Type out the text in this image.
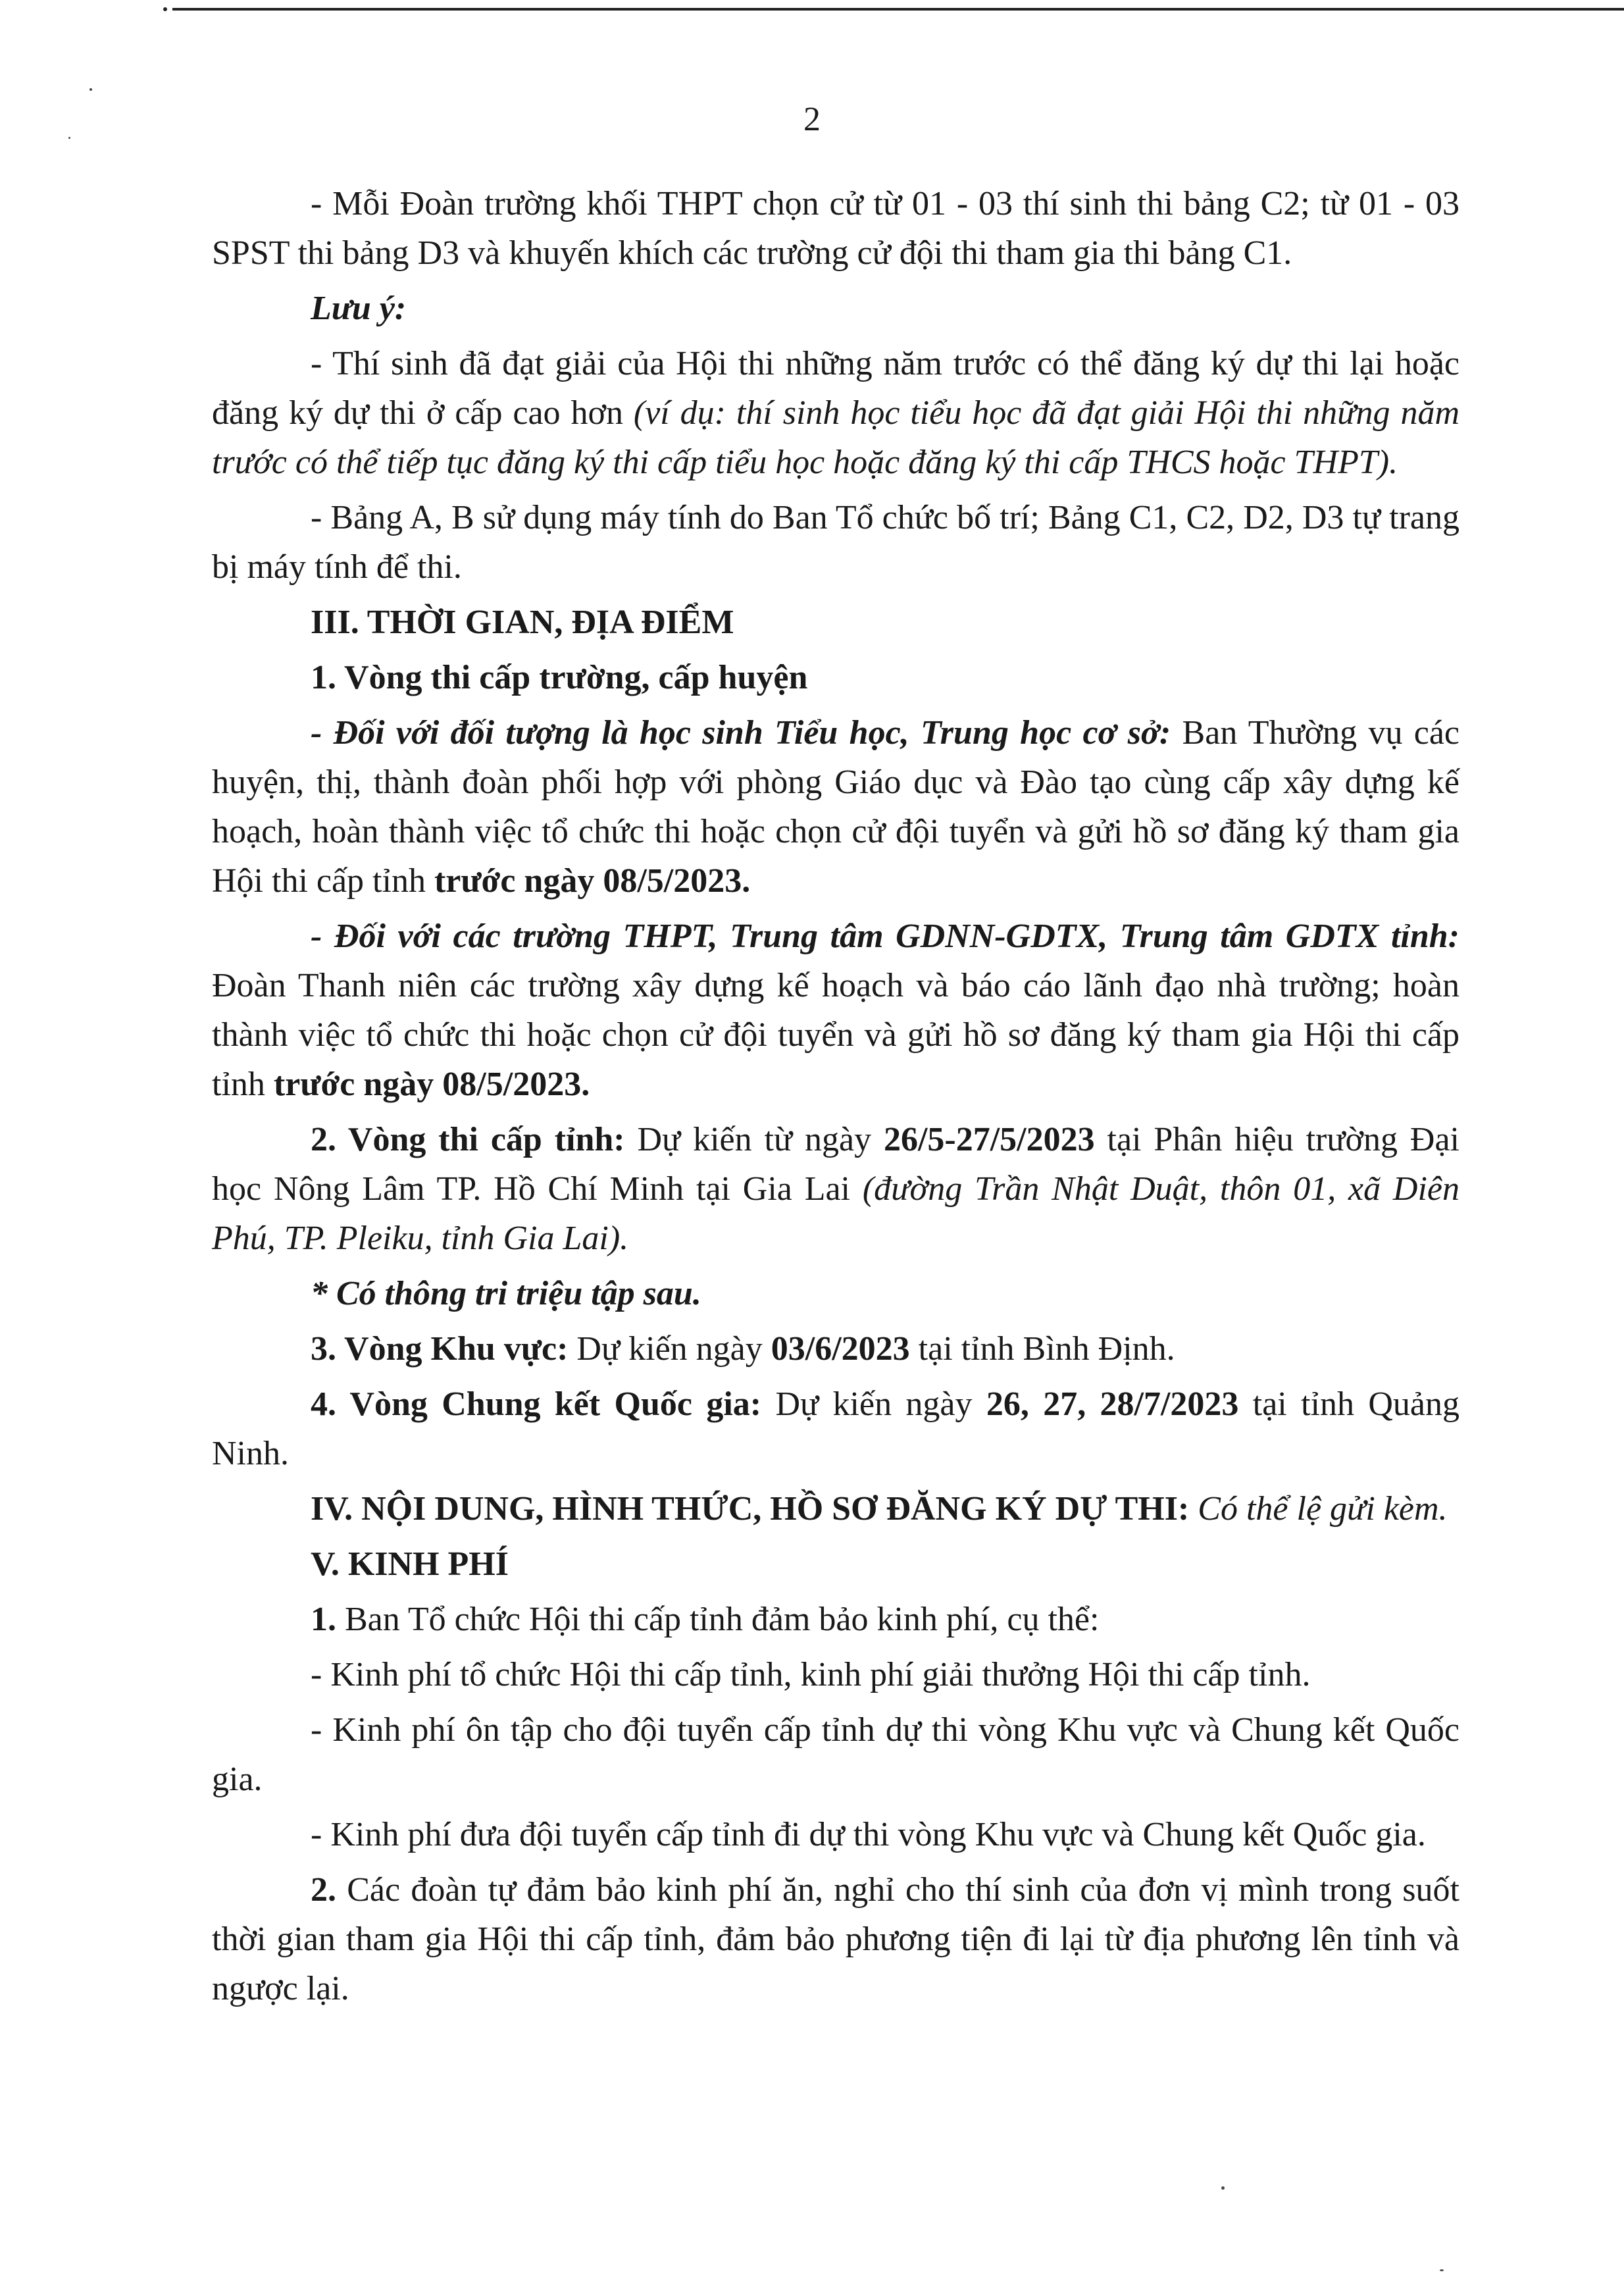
2

- Mỗi Đoàn trường khối THPT chọn cử từ 01 - 03 thí sinh thi bảng C2; từ 01 - 03 SPST thi bảng D3 và khuyến khích các trường cử đội thi tham gia thi bảng C1.

Lưu ý:

- Thí sinh đã đạt giải của Hội thi những năm trước có thể đăng ký dự thi lại hoặc đăng ký dự thi ở cấp cao hơn (ví dụ: thí sinh học tiểu học đã đạt giải Hội thi những năm trước có thể tiếp tục đăng ký thi cấp tiểu học hoặc đăng ký thi cấp THCS hoặc THPT).

- Bảng A, B sử dụng máy tính do Ban Tổ chức bố trí; Bảng C1, C2, D2, D3 tự trang bị máy tính để thi.

III. THỜI GIAN, ĐỊA ĐIỂM

1. Vòng thi cấp trường, cấp huyện

- Đối với đối tượng là học sinh Tiểu học, Trung học cơ sở: Ban Thường vụ các huyện, thị, thành đoàn phối hợp với phòng Giáo dục và Đào tạo cùng cấp xây dựng kế hoạch, hoàn thành việc tổ chức thi hoặc chọn cử đội tuyển và gửi hồ sơ đăng ký tham gia Hội thi cấp tỉnh trước ngày 08/5/2023.

- Đối với các trường THPT, Trung tâm GDNN-GDTX, Trung tâm GDTX tỉnh: Đoàn Thanh niên các trường xây dựng kế hoạch và báo cáo lãnh đạo nhà trường; hoàn thành việc tổ chức thi hoặc chọn cử đội tuyển và gửi hồ sơ đăng ký tham gia Hội thi cấp tỉnh trước ngày 08/5/2023.

2. Vòng thi cấp tỉnh: Dự kiến từ ngày 26/5-27/5/2023 tại Phân hiệu trường Đại học Nông Lâm TP. Hồ Chí Minh tại Gia Lai (đường Trần Nhật Duật, thôn 01, xã Diên Phú, TP. Pleiku, tỉnh Gia Lai).

* Có thông tri triệu tập sau.

3. Vòng Khu vực: Dự kiến ngày 03/6/2023 tại tỉnh Bình Định.

4. Vòng Chung kết Quốc gia: Dự kiến ngày 26, 27, 28/7/2023 tại tỉnh Quảng Ninh.

IV. NỘI DUNG, HÌNH THỨC, HỒ SƠ ĐĂNG KÝ DỰ THI: Có thể lệ gửi kèm.

V. KINH PHÍ

1. Ban Tổ chức Hội thi cấp tỉnh đảm bảo kinh phí, cụ thể:

- Kinh phí tổ chức Hội thi cấp tỉnh, kinh phí giải thưởng Hội thi cấp tỉnh.

- Kinh phí ôn tập cho đội tuyển cấp tỉnh dự thi vòng Khu vực và Chung kết Quốc gia.

- Kinh phí đưa đội tuyển cấp tỉnh đi dự thi vòng Khu vực và Chung kết Quốc gia.

2. Các đoàn tự đảm bảo kinh phí ăn, nghỉ cho thí sinh của đơn vị mình trong suốt thời gian tham gia Hội thi cấp tỉnh, đảm bảo phương tiện đi lại từ địa phương lên tỉnh và ngược lại.
